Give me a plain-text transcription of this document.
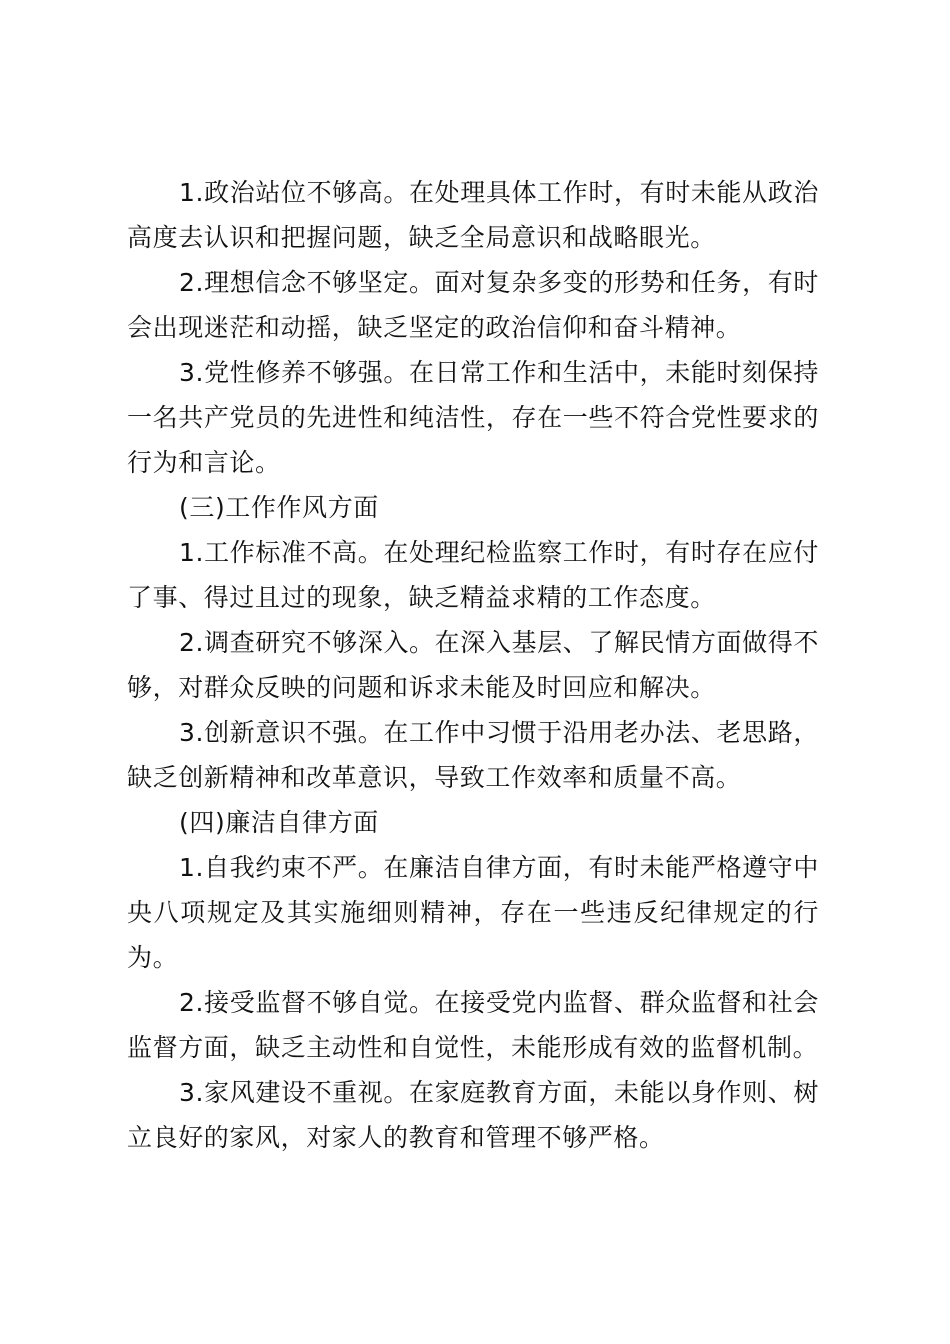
1.政治站位不够高。在处理具体工作时，有时未能从政治高度去认识和把握问题，缺乏全局意识和战略眼光。

2.理想信念不够坚定。面对复杂多变的形势和任务，有时会出现迷茫和动摇，缺乏坚定的政治信仰和奋斗精神。

3.党性修养不够强。在日常工作和生活中，未能时刻保持一名共产党员的先进性和纯洁性，存在一些不符合党性要求的行为和言论。

(三)工作作风方面

1.工作标准不高。在处理纪检监察工作时，有时存在应付了事、得过且过的现象，缺乏精益求精的工作态度。

2.调查研究不够深入。在深入基层、了解民情方面做得不够，对群众反映的问题和诉求未能及时回应和解决。

3.创新意识不强。在工作中习惯于沿用老办法、老思路，缺乏创新精神和改革意识，导致工作效率和质量不高。

(四)廉洁自律方面

1.自我约束不严。在廉洁自律方面，有时未能严格遵守中央八项规定及其实施细则精神，存在一些违反纪律规定的行为。

2.接受监督不够自觉。在接受党内监督、群众监督和社会监督方面，缺乏主动性和自觉性，未能形成有效的监督机制。

3.家风建设不重视。在家庭教育方面，未能以身作则、树立良好的家风，对家人的教育和管理不够严格。
